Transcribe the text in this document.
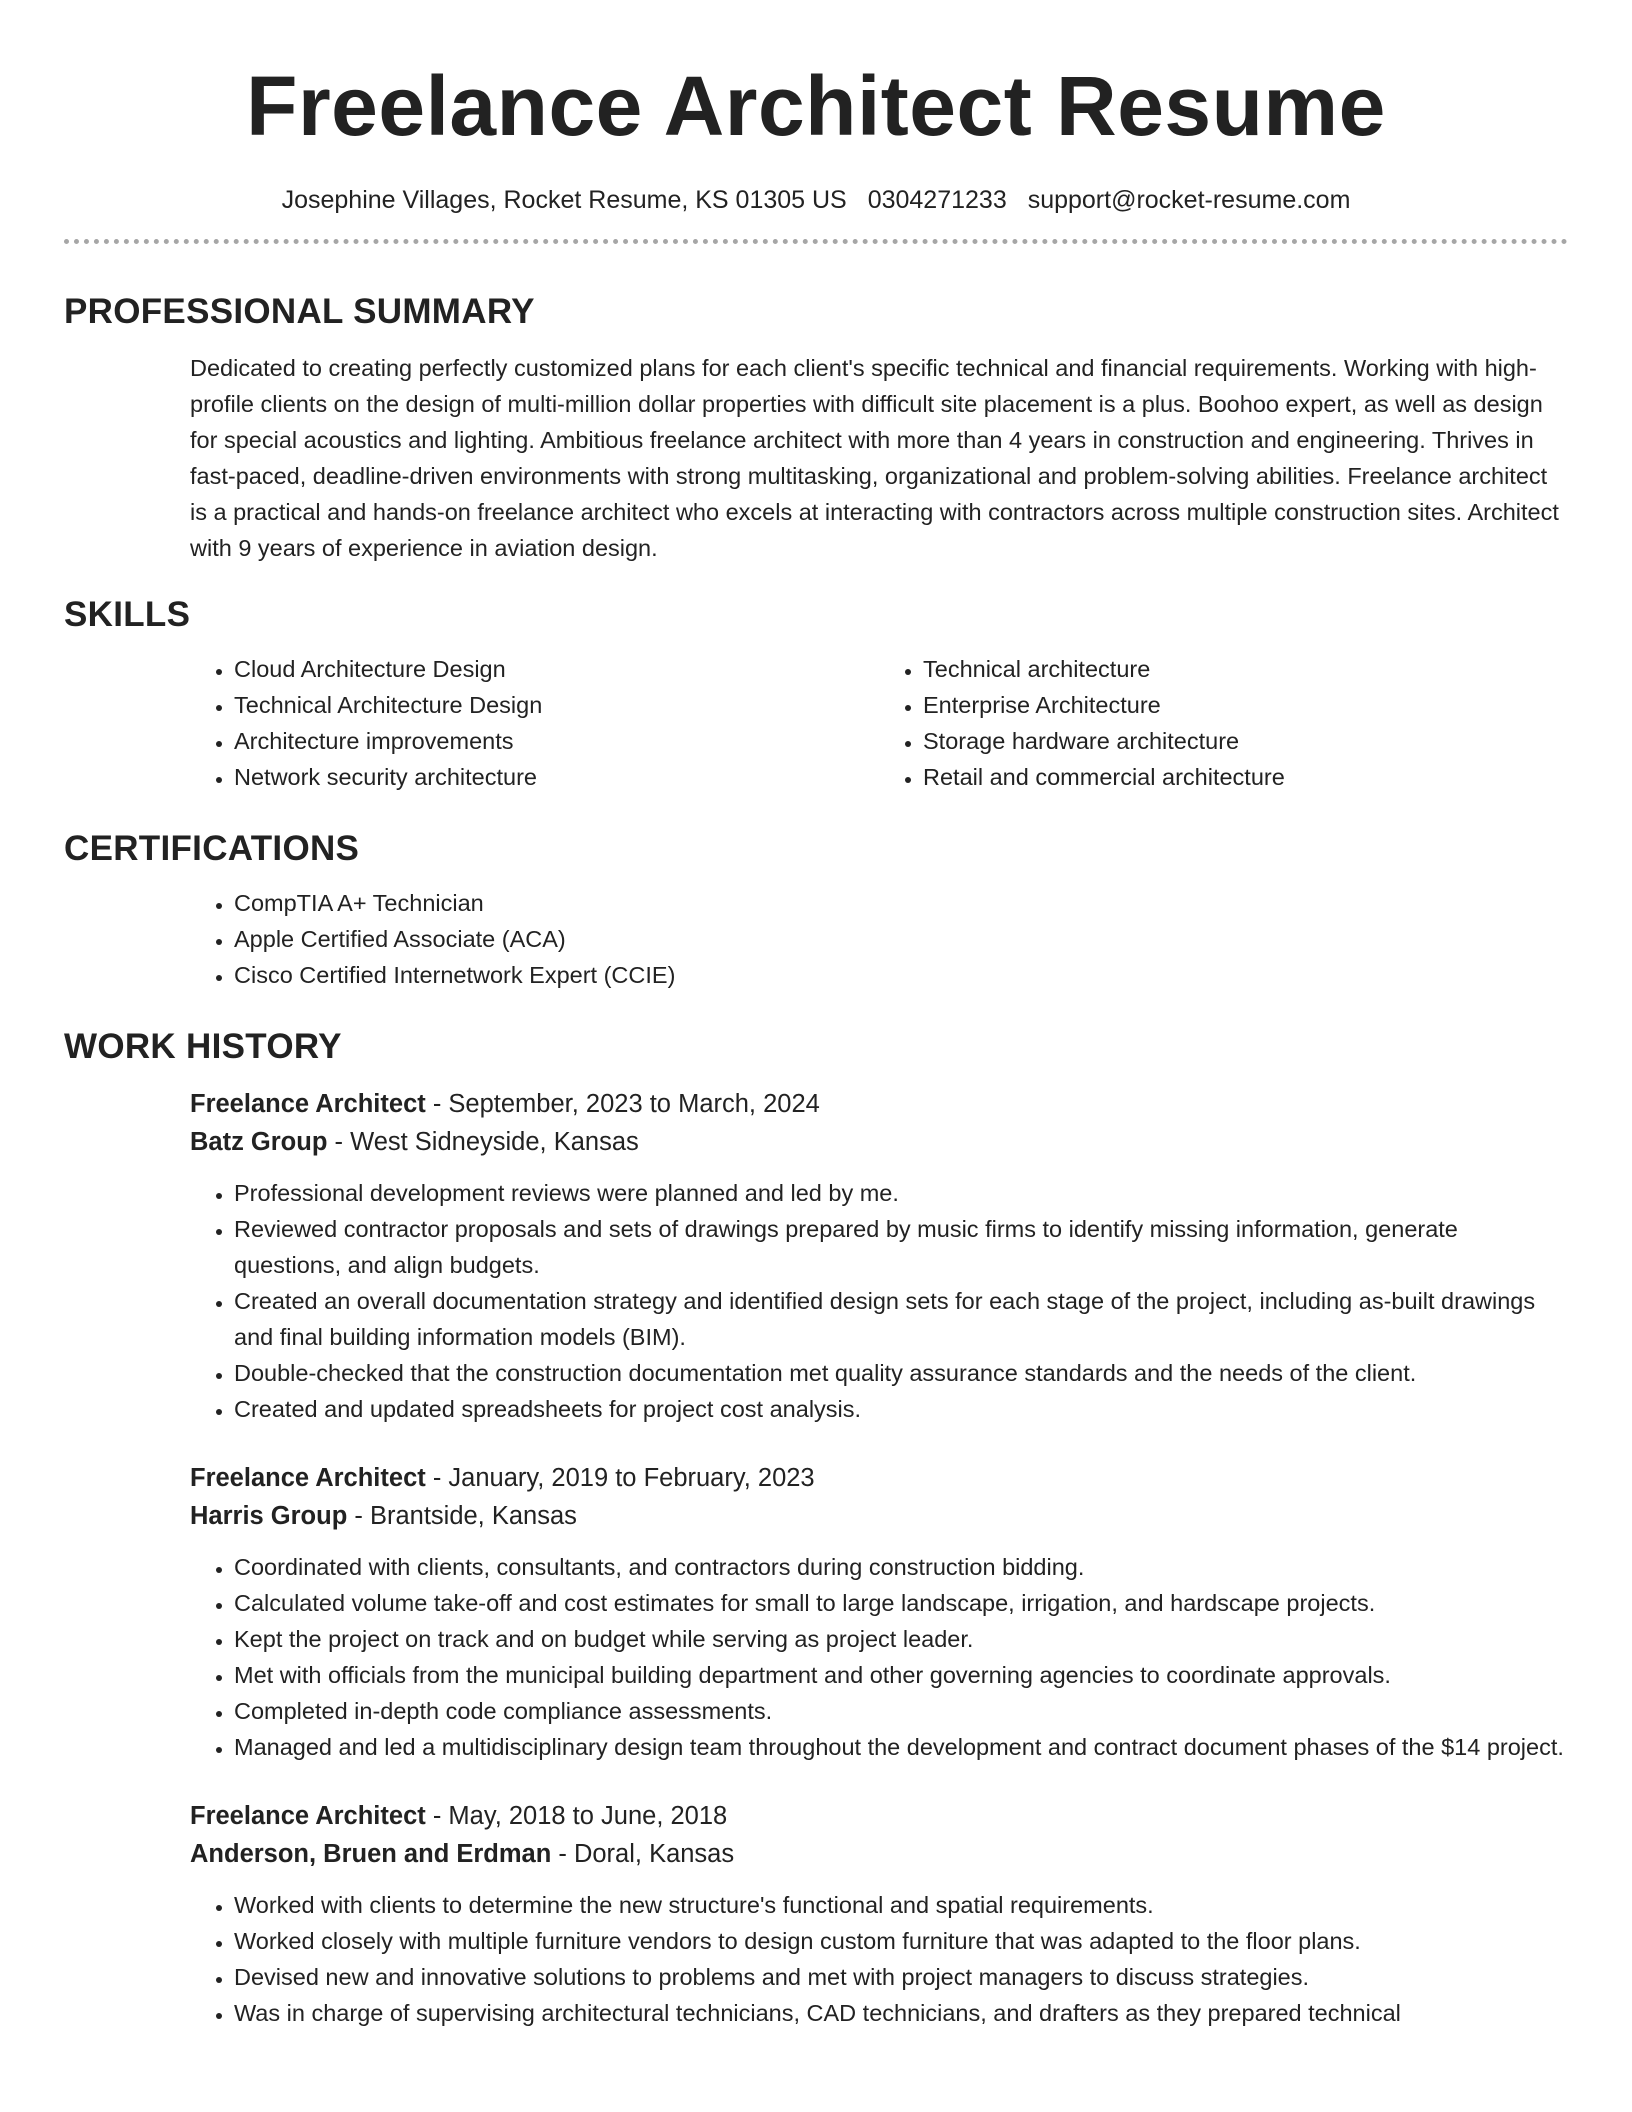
Freelance Architect Resume
Josephine Villages, Rocket Resume, KS 01305 US 0304271233 support@rocket-resume.com
PROFESSIONAL SUMMARY

Dedicated to creating perfectly customized plans for each client's specific technical and financial requirements. Working with high-profile clients on the design of multi-million dollar properties with difficult site placement is a plus. Boohoo expert, as well as design for special acoustics and lighting. Ambitious freelance architect with more than 4 years in construction and engineering. Thrives in fast-paced, deadline-driven environments with strong multitasking, organizational and problem-solving abilities. Freelance architect is a practical and hands-on freelance architect who excels at interacting with contractors across multiple construction sites. Architect with 9 years of experience in aviation design.

SKILLS
• Cloud Architecture Design
• Technical Architecture Design
• Architecture improvements
• Network security architecture
• Technical architecture
• Enterprise Architecture
• Storage hardware architecture
• Retail and commercial architecture
CERTIFICATIONS
• CompTIA A+ Technician
• Apple Certified Associate (ACA)
• Cisco Certified Internetwork Expert (CCIE)
WORK HISTORY
Freelance Architect - September, 2023 to March, 2024
Batz Group - West Sidneyside, Kansas
• Professional development reviews were planned and led by me.
• Reviewed contractor proposals and sets of drawings prepared by music firms to identify missing information, generate questions, and align budgets.
• Created an overall documentation strategy and identified design sets for each stage of the project, including as-built drawings and final building information models (BIM).
• Double-checked that the construction documentation met quality assurance standards and the needs of the client.
• Created and updated spreadsheets for project cost analysis.
Freelance Architect - January, 2019 to February, 2023
Harris Group - Brantside, Kansas
• Coordinated with clients, consultants, and contractors during construction bidding.
• Calculated volume take-off and cost estimates for small to large landscape, irrigation, and hardscape projects.
• Kept the project on track and on budget while serving as project leader.
• Met with officials from the municipal building department and other governing agencies to coordinate approvals.
• Completed in-depth code compliance assessments.
• Managed and led a multidisciplinary design team throughout the development and contract document phases of the $14 project.
Freelance Architect - May, 2018 to June, 2018
Anderson, Bruen and Erdman - Doral, Kansas
• Worked with clients to determine the new structure's functional and spatial requirements.
• Worked closely with multiple furniture vendors to design custom furniture that was adapted to the floor plans.
• Devised new and innovative solutions to problems and met with project managers to discuss strategies.
• Was in charge of supervising architectural technicians, CAD technicians, and drafters as they prepared technical
